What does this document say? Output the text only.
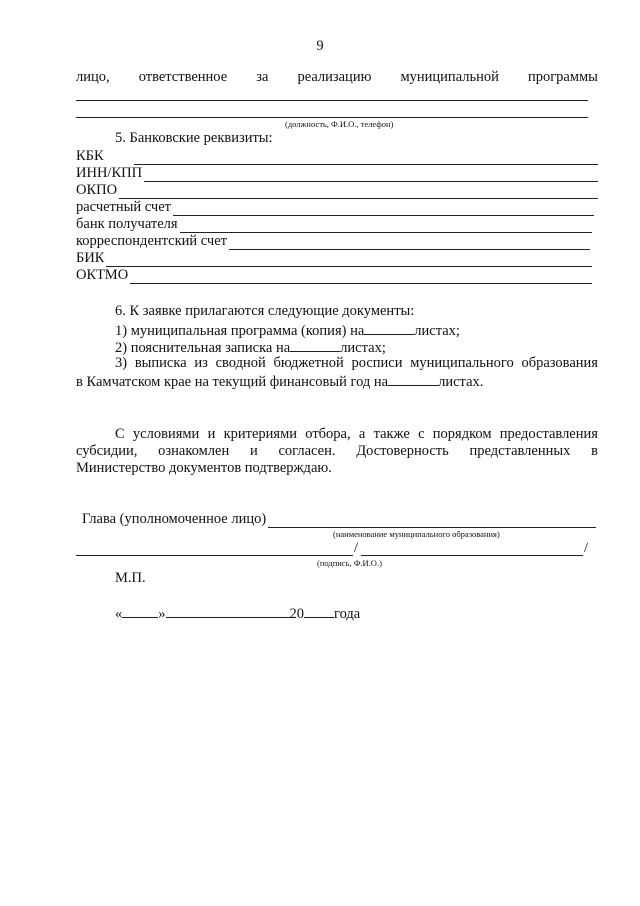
9
лицо, ответственное за реализацию муниципальной программы
(должность, Ф.И.О., телефон)
5. Банковские реквизиты:
КБК
ИНН/КПП
ОКПО
расчетный счет
банк получателя
корреспондентский счет
БИК
ОКТМО
6. К заявке прилагаются следующие документы:
1) муниципальная программа (копия) на	листах;
2) пояснительная записка на	листах;
3) выписка из сводной бюджетной росписи муниципального образования
в Камчатском крае на текущий финансовый год на	листах.
С условиями и критериями отбора, а также с порядком предоставления
субсидии, ознакомлен и согласен. Достоверность представленных в
Министерство документов подтверждаю.
Глава (уполномоченное лицо)
(наименование муниципального образования)
/	/
(подпись, Ф.И.О.)
М.П.
« »	20 года
